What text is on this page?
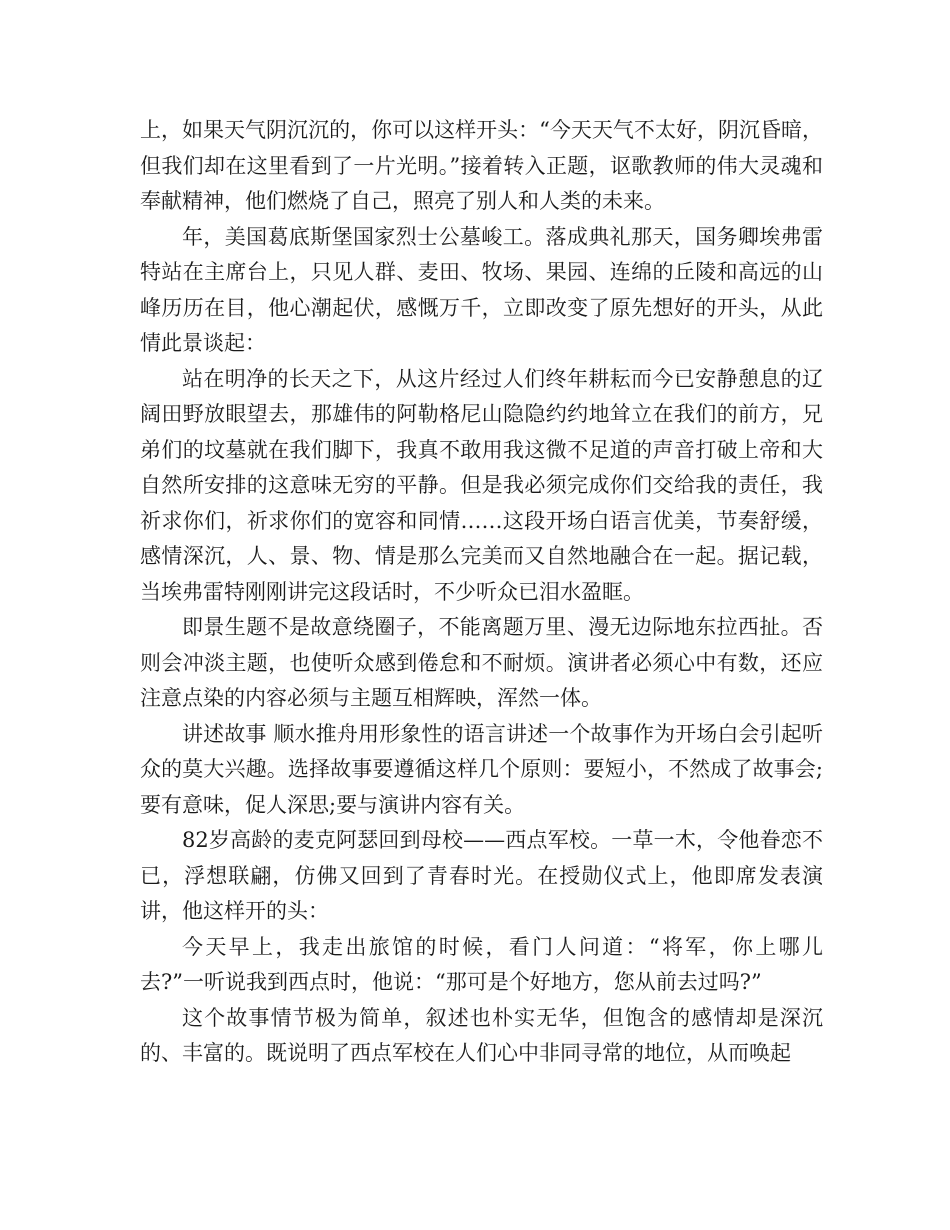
上，如果天气阴沉沉的，你可以这样开头：“今天天气不太好，阴沉昏暗，但我们却在这里看到了一片光明。”接着转入正题，讴歌教师的伟大灵魂和奉献精神，他们燃烧了自己，照亮了别人和人类的未来。

年，美国葛底斯堡国家烈士公墓峻工。落成典礼那天，国务卿埃弗雷特站在主席台上，只见人群、麦田、牧场、果园、连绵的丘陵和高远的山峰历历在目，他心潮起伏，感慨万千，立即改变了原先想好的开头，从此情此景谈起：

站在明净的长天之下，从这片经过人们终年耕耘而今已安静憩息的辽阔田野放眼望去，那雄伟的阿勒格尼山隐隐约约地耸立在我们的前方，兄弟们的坟墓就在我们脚下，我真不敢用我这微不足道的声音打破上帝和大自然所安排的这意味无穷的平静。但是我必须完成你们交给我的责任，我祈求你们，祈求你们的宽容和同情……这段开场白语言优美，节奏舒缓，感情深沉，人、景、物、情是那么完美而又自然地融合在一起。据记载，当埃弗雷特刚刚讲完这段话时，不少听众已泪水盈眶。

即景生题不是故意绕圈子，不能离题万里、漫无边际地东拉西扯。否则会冲淡主题，也使听众感到倦怠和不耐烦。演讲者必须心中有数，还应注意点染的内容必须与主题互相辉映，浑然一体。

讲述故事 顺水推舟用形象性的语言讲述一个故事作为开场白会引起听众的莫大兴趣。选择故事要遵循这样几个原则：要短小，不然成了故事会;要有意味，促人深思;要与演讲内容有关。

82岁高龄的麦克阿瑟回到母校——西点军校。一草一木，令他眷恋不已，浮想联翩，仿佛又回到了青春时光。在授勋仪式上，他即席发表演讲，他这样开的头：

今天早上，我走出旅馆的时候，看门人问道：“将军，你上哪儿去?”一听说我到西点时，他说：“那可是个好地方，您从前去过吗?”

这个故事情节极为简单，叙述也朴实无华，但饱含的感情却是深沉的、丰富的。既说明了西点军校在人们心中非同寻常的地位，从而唤起
